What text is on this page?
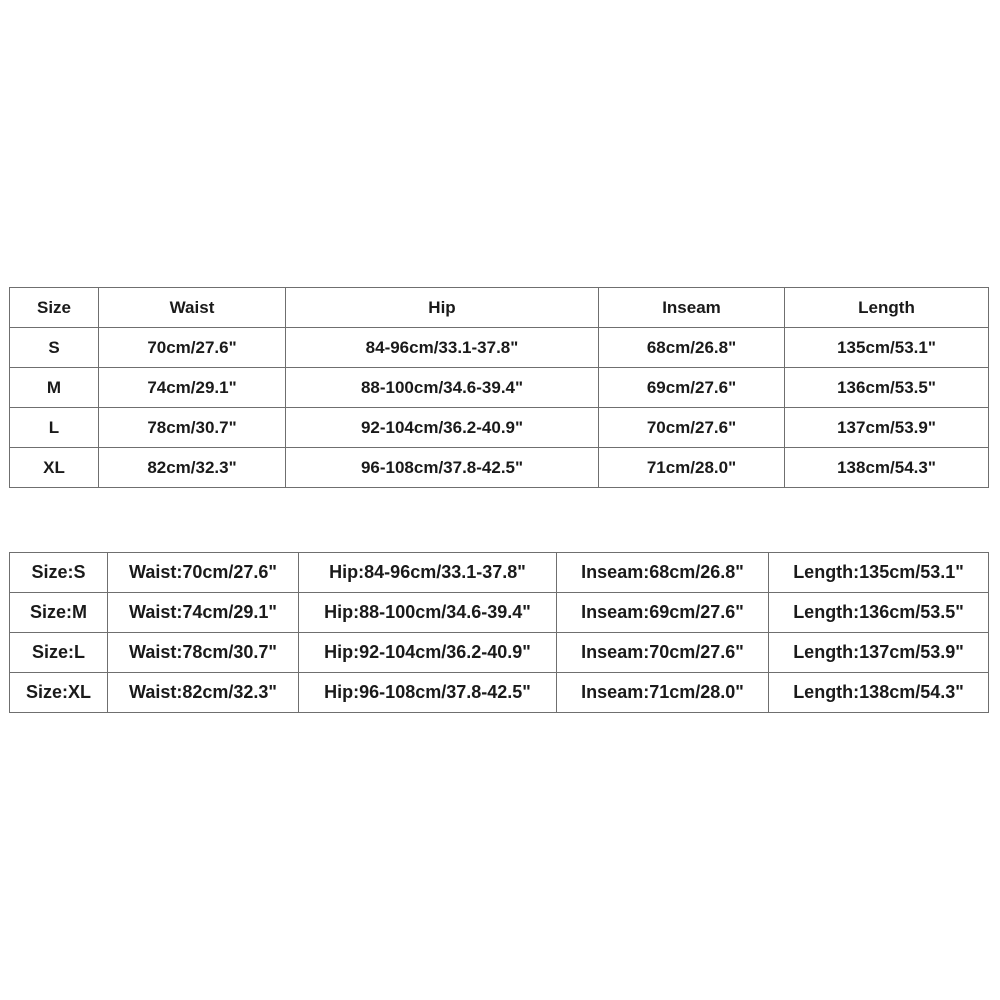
Size	Waist	Hip	Inseam	Length
S	70cm/27.6"	84-96cm/33.1-37.8"	68cm/26.8"	135cm/53.1"
M	74cm/29.1"	88-100cm/34.6-39.4"	69cm/27.6"	136cm/53.5"
L	78cm/30.7"	92-104cm/36.2-40.9"	70cm/27.6"	137cm/53.9"
XL	82cm/32.3"	96-108cm/37.8-42.5"	71cm/28.0"	138cm/54.3"
Size:S	Waist:70cm/27.6"	Hip:84-96cm/33.1-37.8"	Inseam:68cm/26.8"	Length:135cm/53.1"
Size:M	Waist:74cm/29.1"	Hip:88-100cm/34.6-39.4"	Inseam:69cm/27.6"	Length:136cm/53.5"
Size:L	Waist:78cm/30.7"	Hip:92-104cm/36.2-40.9"	Inseam:70cm/27.6"	Length:137cm/53.9"
Size:XL	Waist:82cm/32.3"	Hip:96-108cm/37.8-42.5"	Inseam:71cm/28.0"	Length:138cm/54.3"
